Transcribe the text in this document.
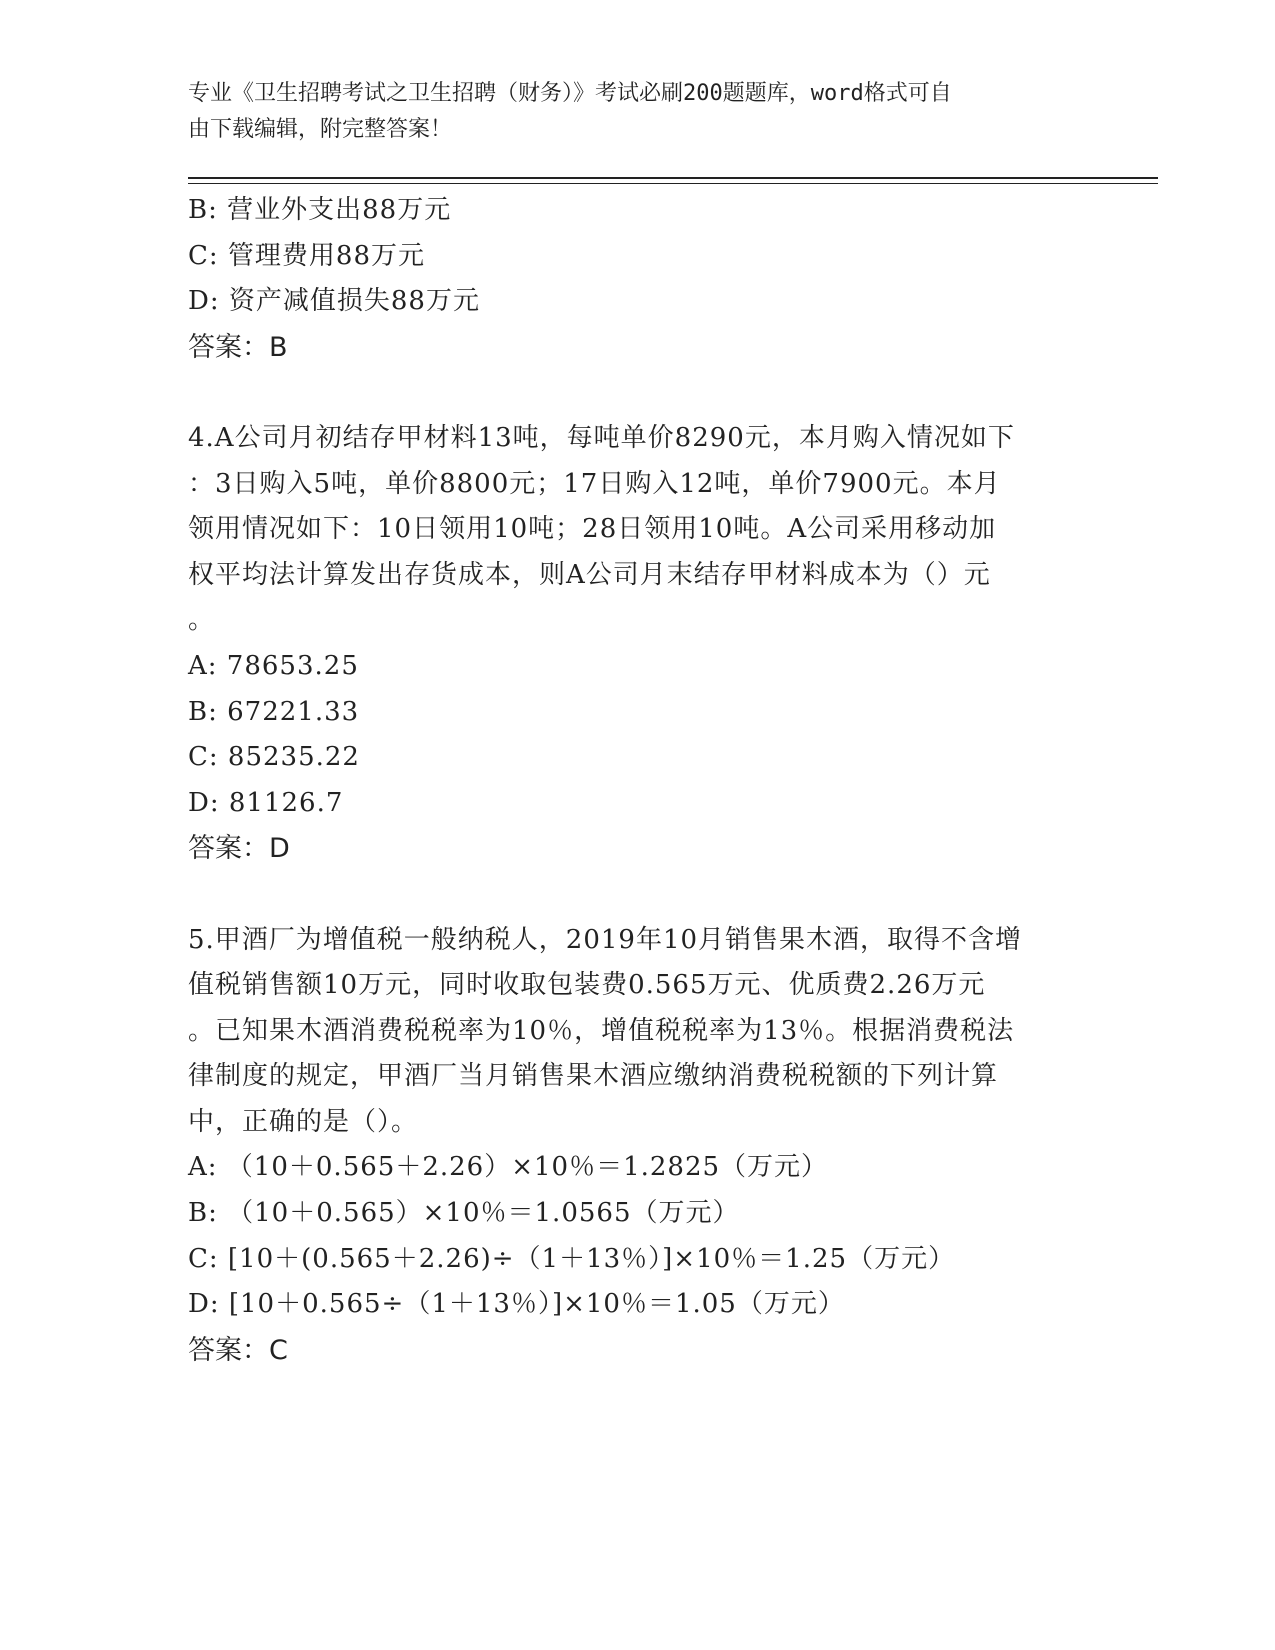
专业《卫生招聘考试之卫生招聘（财务）》考试必刷200题题库，word格式可自
由下载编辑，附完整答案！
B: 营业外支出88万元
C: 管理费用88万元
D: 资产减值损失88万元
答案：B
4.A公司月初结存甲材料13吨，每吨单价8290元，本月购入情况如下
：3日购入5吨，单价8800元；17日购入12吨，单价7900元。本月
领用情况如下：10日领用10吨；28日领用10吨。A公司采用移动加
权平均法计算发出存货成本，则A公司月末结存甲材料成本为（）元
。
A: 78653.25
B: 67221.33
C: 85235.22
D: 81126.7
答案：D
5.甲酒厂为增值税一般纳税人，2019年10月销售果木酒，取得不含增
值税销售额10万元，同时收取包装费0.565万元、优质费2.26万元
。已知果木酒消费税税率为10％，增值税税率为13％。根据消费税法
律制度的规定，甲酒厂当月销售果木酒应缴纳消费税税额的下列计算
中，正确的是（）。
A: （10＋0.565＋2.26）×10％＝1.2825（万元）
B: （10＋0.565）×10％＝1.0565（万元）
C: [10＋(0.565＋2.26)÷（1＋13％）]×10％＝1.25（万元）
D: [10＋0.565÷（1＋13％）]×10％＝1.05（万元）
答案：C
